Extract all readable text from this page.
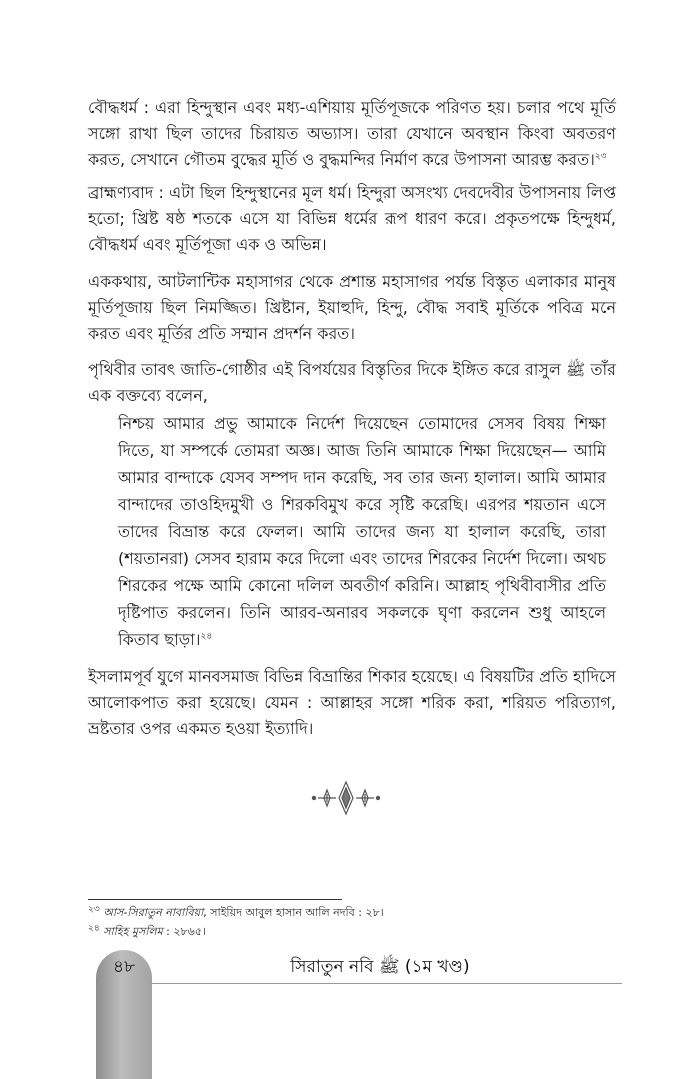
বৌদ্ধধর্ম : এরা হিন্দুস্থান এবং মধ্য-এশিয়ায় মূর্তিপূজকে পরিণত হয়। চলার পথে মূর্তি সঙ্গো রাখা ছিল তাদের চিরায়ত অভ্যাস। তারা যেখানে অবস্থান কিংবা অবতরণ করত, সেখানে গৌতম বুদ্ধের মূর্তি ও বুদ্ধমন্দির নির্মাণ করে উপাসনা আরম্ভ করত।$^{২৩}$

ব্রাহ্মণ্যবাদ : এটা ছিল হিন্দুস্থানের মূল ধর্ম। হিন্দুরা অসংখ্য দেবদেবীর উপাসনায় লিপ্ত হতো; খ্রিষ্ট ষষ্ঠ শতকে এসে যা বিভিন্ন ধর্মের রূপ ধারণ করে। প্রকৃতপক্ষে হিন্দুধর্ম, বৌদ্ধধর্ম এবং মূর্তিপূজা এক ও অভিন্ন।

এককথায়, আটলান্টিক মহাসাগর থেকে প্রশান্ত মহাসাগর পর্যন্ত বিস্তৃত এলাকার মানুষ মূর্তিপূজায় ছিল নিমজ্জিত। খ্রিষ্টান, ইয়াহুদি, হিন্দু, বৌদ্ধ সবাই মূর্তিকে পবিত্র মনে করত এবং মূর্তির প্রতি সম্মান প্রদর্শন করত।

পৃথিবীর তাবৎ জাতি-গোষ্ঠীর এই বিপর্যয়ের বিস্তৃতির দিকে ইঙ্গিত করে রাসুল ﷺ তাঁর এক বক্তব্যে বলেন,

নিশ্চয় আমার প্রভু আমাকে নির্দেশ দিয়েছেন তোমাদের সেসব বিষয় শিক্ষা দিতে, যা সম্পর্কে তোমরা অজ্ঞ। আজ তিনি আমাকে শিক্ষা দিয়েছেন— আমি আমার বান্দাকে যেসব সম্পদ দান করেছি, সব তার জন্য হালাল। আমি আমার বান্দাদের তাওহিদমুখী ও শিরকবিমুখ করে সৃষ্টি করেছি। এরপর শয়তান এসে তাদের বিভ্রান্ত করে ফেলল। আমি তাদের জন্য যা হালাল করেছি, তারা (শয়তানরা) সেসব হারাম করে দিলো এবং তাদের শিরকের নির্দেশ দিলো। অথচ শিরকের পক্ষে আমি কোনো দলিল অবতীর্ণ করিনি। আল্লাহ পৃথিবীবাসীর প্রতি দৃষ্টিপাত করলেন। তিনি আরব-অনারব সকলকে ঘৃণা করলেন শুধু আহলে কিতাব ছাড়া।$^{২৪}$

ইসলামপূর্ব যুগে মানবসমাজ বিভিন্ন বিভ্রান্তির শিকার হয়েছে। এ বিষয়টির প্রতি হাদিসে আলোকপাত করা হয়েছে। যেমন : আল্লাহর সঙ্গো শরিক করা, শরিয়ত পরিত্যাগ, ভ্রষ্টতার ওপর একমত হওয়া ইত্যাদি।

$^{২৩}$ আস-সিরাতুন নাবাবিয়া, সাইয়িদ আবুল হাসান আলি নদবি : ২৮।
$^{২৪}$ সাহিহ মুসলিম : ২৮৬৫।
৪৮	সিরাতুন নবি ﷺ (১ম খণ্ড)
